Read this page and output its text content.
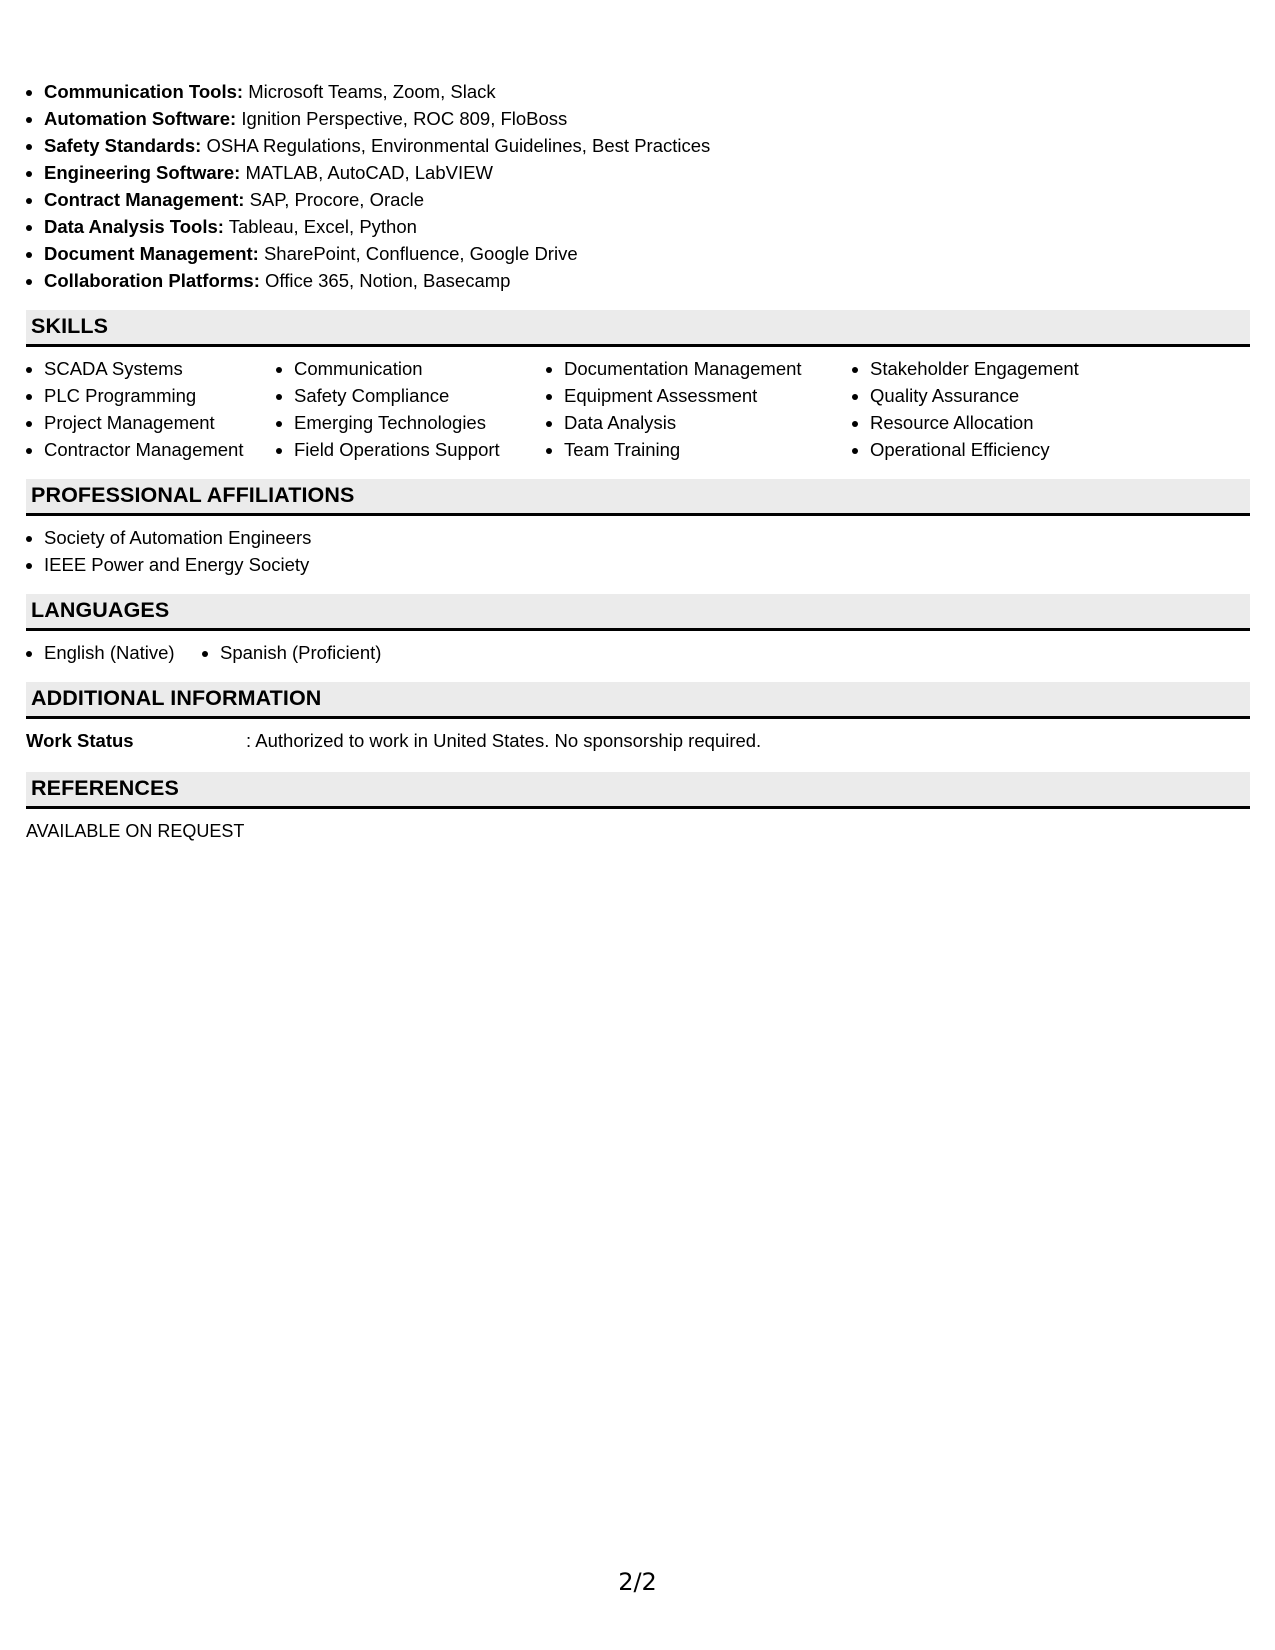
• Communication Tools: Microsoft Teams, Zoom, Slack
• Automation Software: Ignition Perspective, ROC 809, FloBoss
• Safety Standards: OSHA Regulations, Environmental Guidelines, Best Practices
• Engineering Software: MATLAB, AutoCAD, LabVIEW
• Contract Management: SAP, Procore, Oracle
• Data Analysis Tools: Tableau, Excel, Python
• Document Management: SharePoint, Confluence, Google Drive
• Collaboration Platforms: Office 365, Notion, Basecamp
SKILLS
• SCADA Systems
• PLC Programming
• Project Management
• Contractor Management
• Communication
• Safety Compliance
• Emerging Technologies
• Field Operations Support
• Documentation Management
• Equipment Assessment
• Data Analysis
• Team Training
• Stakeholder Engagement
• Quality Assurance
• Resource Allocation
• Operational Efficiency
PROFESSIONAL AFFILIATIONS
• Society of Automation Engineers
• IEEE Power and Energy Society
LANGUAGES
• English (Native)
•	Spanish (Proficient)
ADDITIONAL INFORMATION
Work Status	: Authorized to work in United States. No sponsorship required.
REFERENCES
AVAILABLE ON REQUEST
2/2
